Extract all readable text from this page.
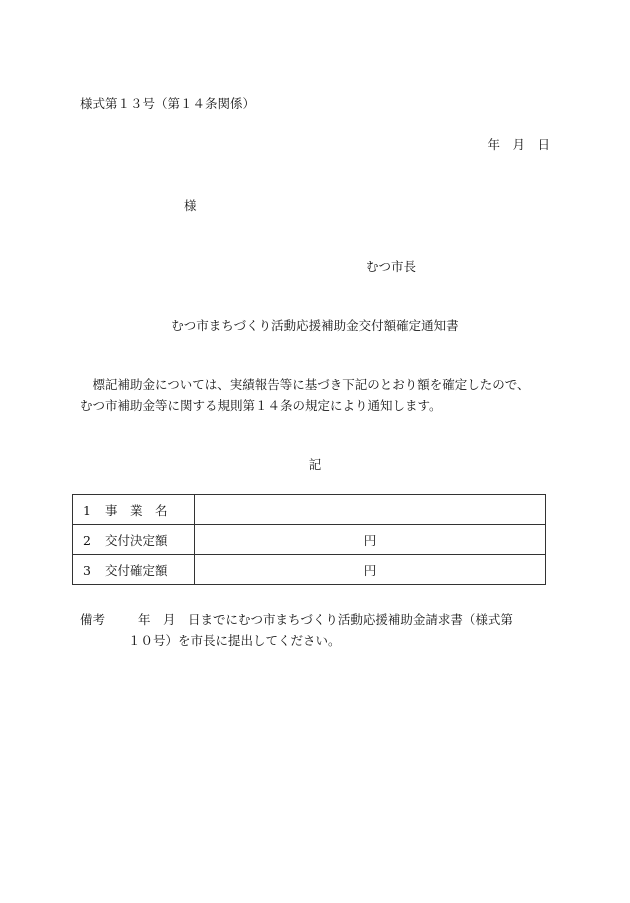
様式第１３号（第１４条関係）
年　月　日
様
むつ市長
むつ市まちづくり活動応援補助金交付額確定通知書

　標記補助金については、実績報告等に基づき下記のとおり額を確定したので、

むつ市補助金等に関する規則第１４条の規定により通知します。

記
1 事　業　名	
2 交付決定額	円
3 交付確定額	円
備考	年　月　日までにむつ市まちづくり活動応援補助金請求書（様式第
１０号）を市長に提出してください。
